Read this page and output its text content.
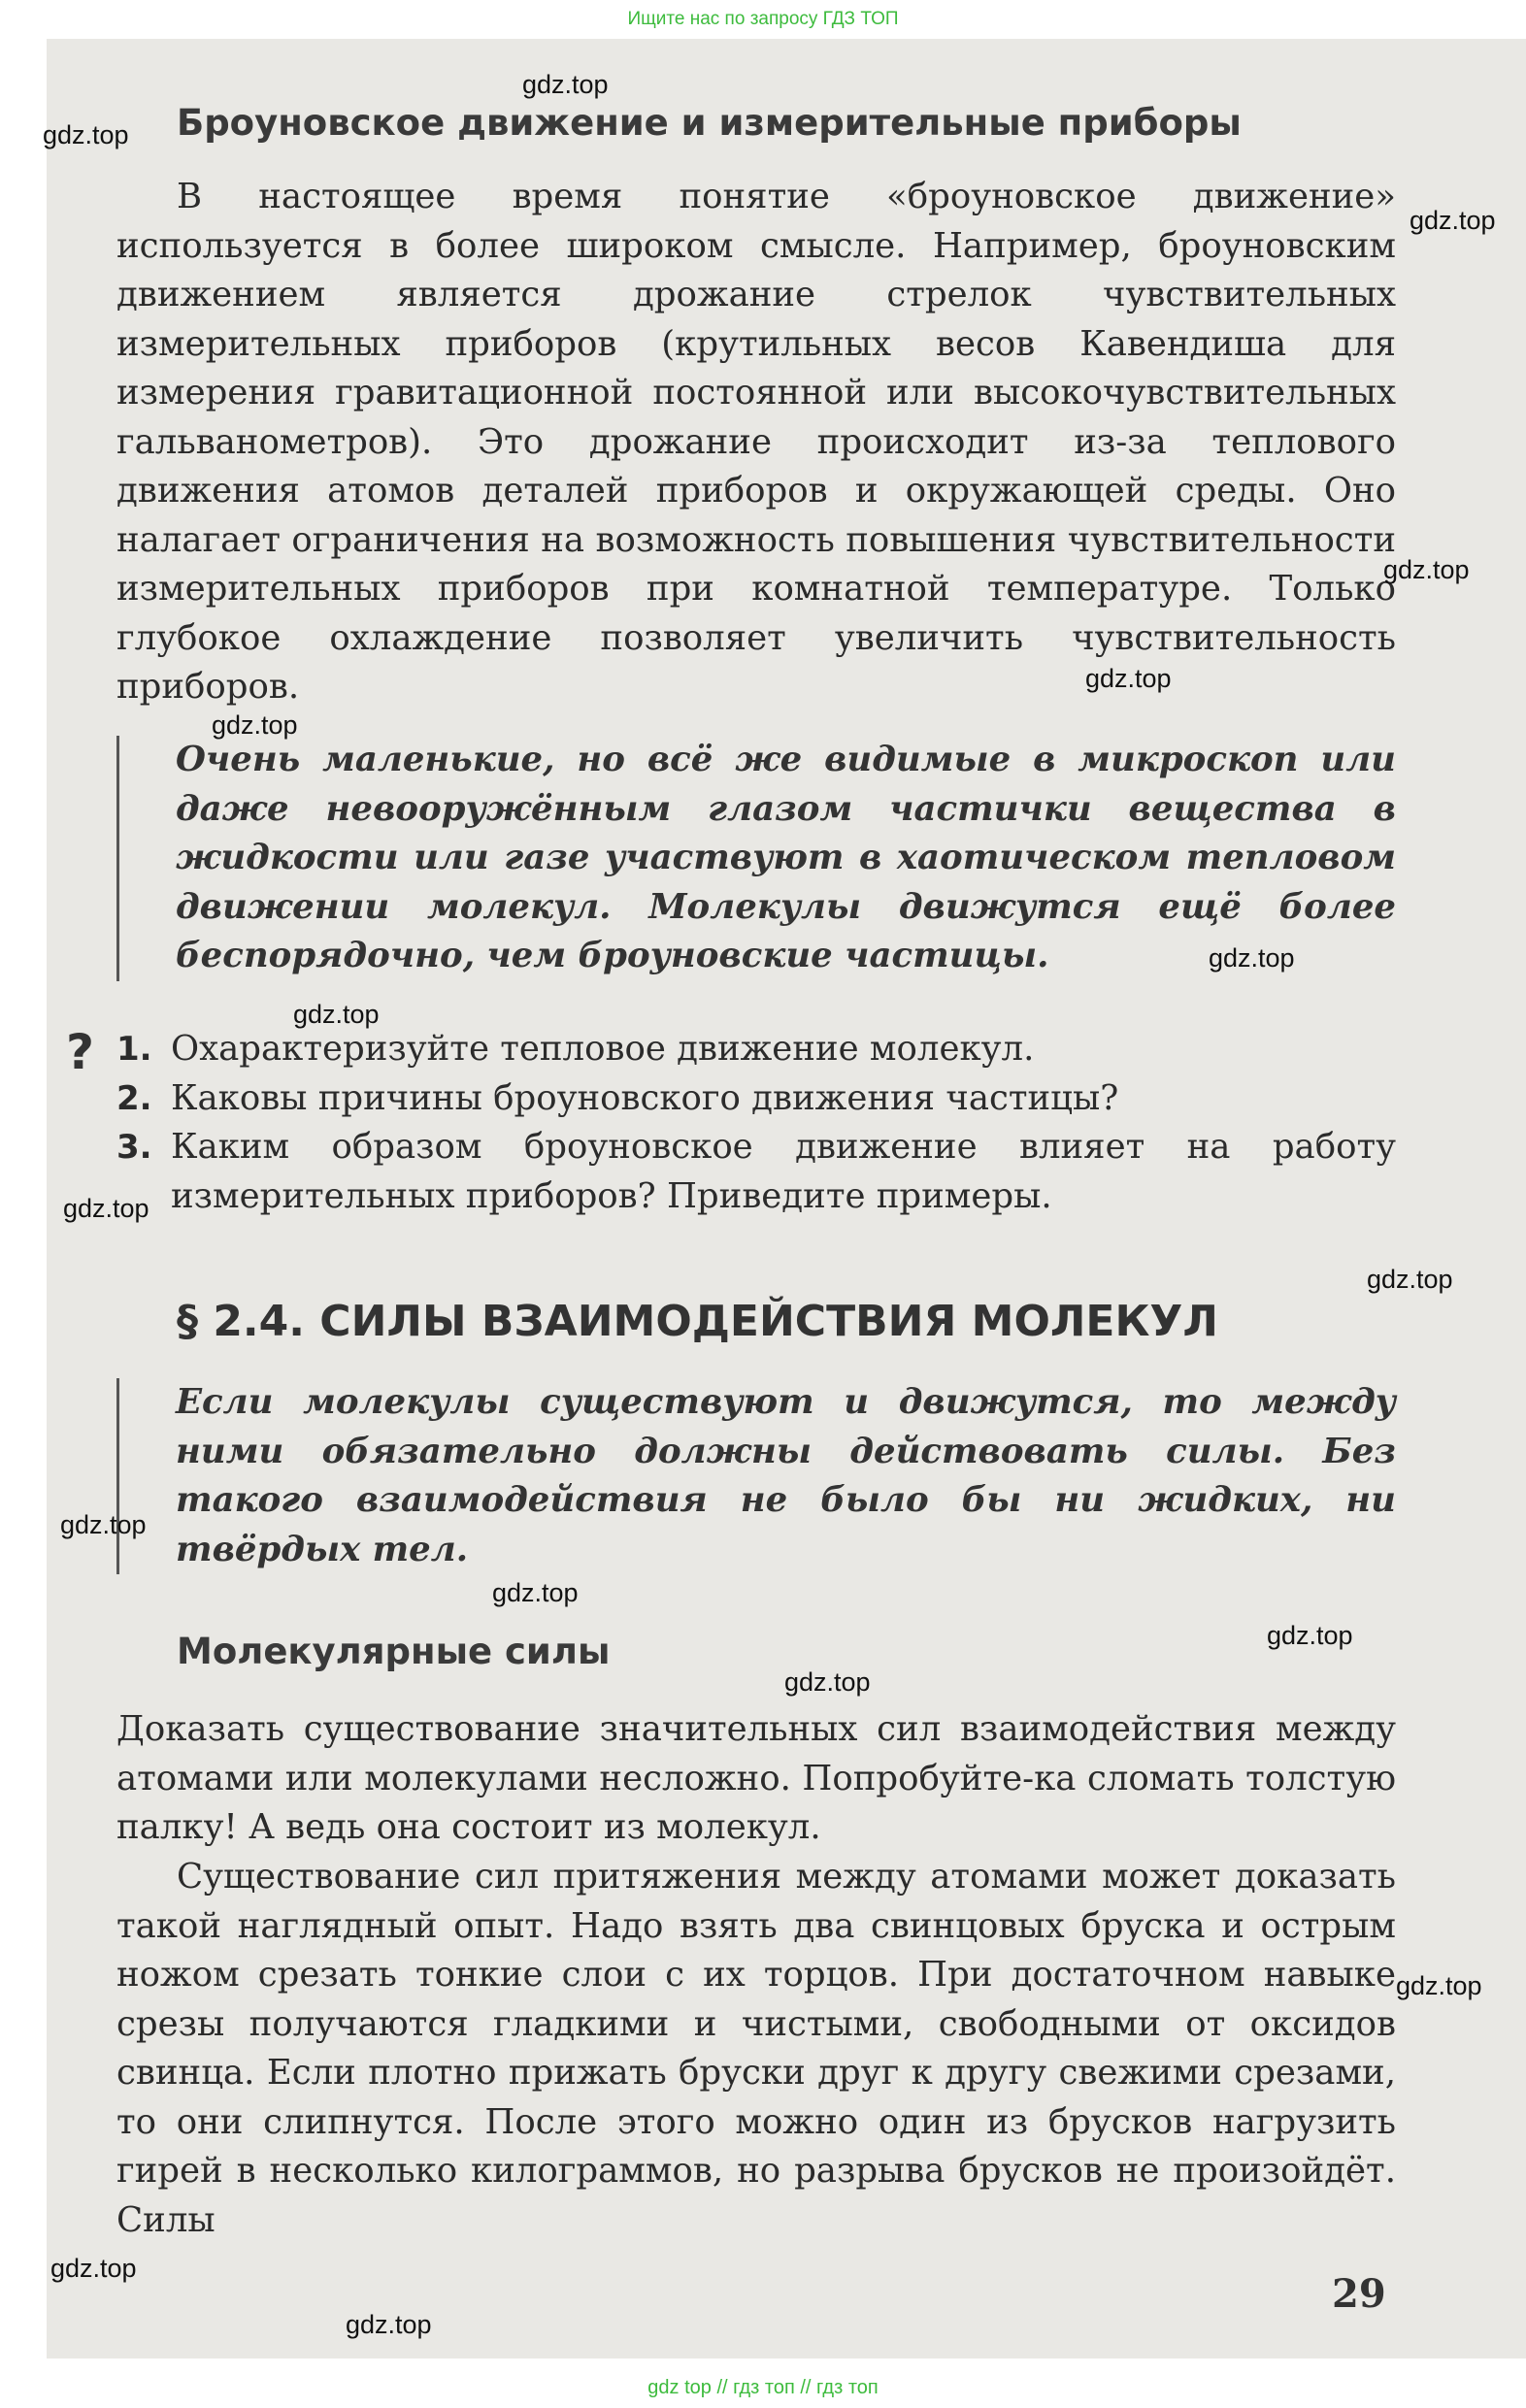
Ищите нас по запросу ГДЗ ТОП
Броуновское движение и измерительные приборы

В настоящее время понятие «броуновское движение» используется в более широком смысле. Например, броуновским движением является дрожание стрелок чувствительных измерительных приборов (крутильных весов Кавендиша для измерения гравитационной постоянной или высокочувствительных гальванометров). Это дрожание происходит из-за теплового движения атомов деталей приборов и окружающей среды. Оно налагает ограничения на возможность повышения чувствительности измерительных приборов при комнатной температуре. Только глубокое охлаждение позволяет увеличить чувствительность приборов.

Очень маленькие, но всё же видимые в микроскоп или даже невооружённым глазом частички вещества в жидкости или газе участвуют в хаотическом тепловом движении молекул. Молекулы движутся ещё более беспорядочно, чем броуновские частицы.

? 1. Охарактеризуйте тепловое движение молекул.
2. Каковы причины броуновского движения частицы?
3. Каким образом броуновское движение влияет на работу измерительных приборов? Приведите примеры.
§ 2.4. СИЛЫ ВЗАИМОДЕЙСТВИЯ МОЛЕКУЛ

Если молекулы существуют и движутся, то между ними обязательно должны действовать силы. Без такого взаимодействия не было бы ни жидких, ни твёрдых тел.

Молекулярные силы

Доказать существование значительных сил взаимодействия между атомами или молекулами несложно. Попробуйте-ка сломать толстую палку! А ведь она состоит из молекул.

Существование сил притяжения между атомами может доказать такой наглядный опыт. Надо взять два свинцовых бруска и острым ножом срезать тонкие слои с их торцов. При достаточном навыке срезы получаются гладкими и чистыми, свободными от оксидов свинца. Если плотно прижать бруски друг к другу свежими срезами, то они слипнутся. После этого можно один из брусков нагрузить гирей в несколько килограммов, но разрыва брусков не произойдёт. Силы

29
gdz.top
gdz.top
gdz.top
gdz.top
gdz.top
gdz.top
gdz.top
gdz.top
gdz.top
gdz.top
gdz.top
gdz.top
gdz.top
gdz.top
gdz.top
gdz.top
gdz.top
gdz top // гдз топ // гдз топ
